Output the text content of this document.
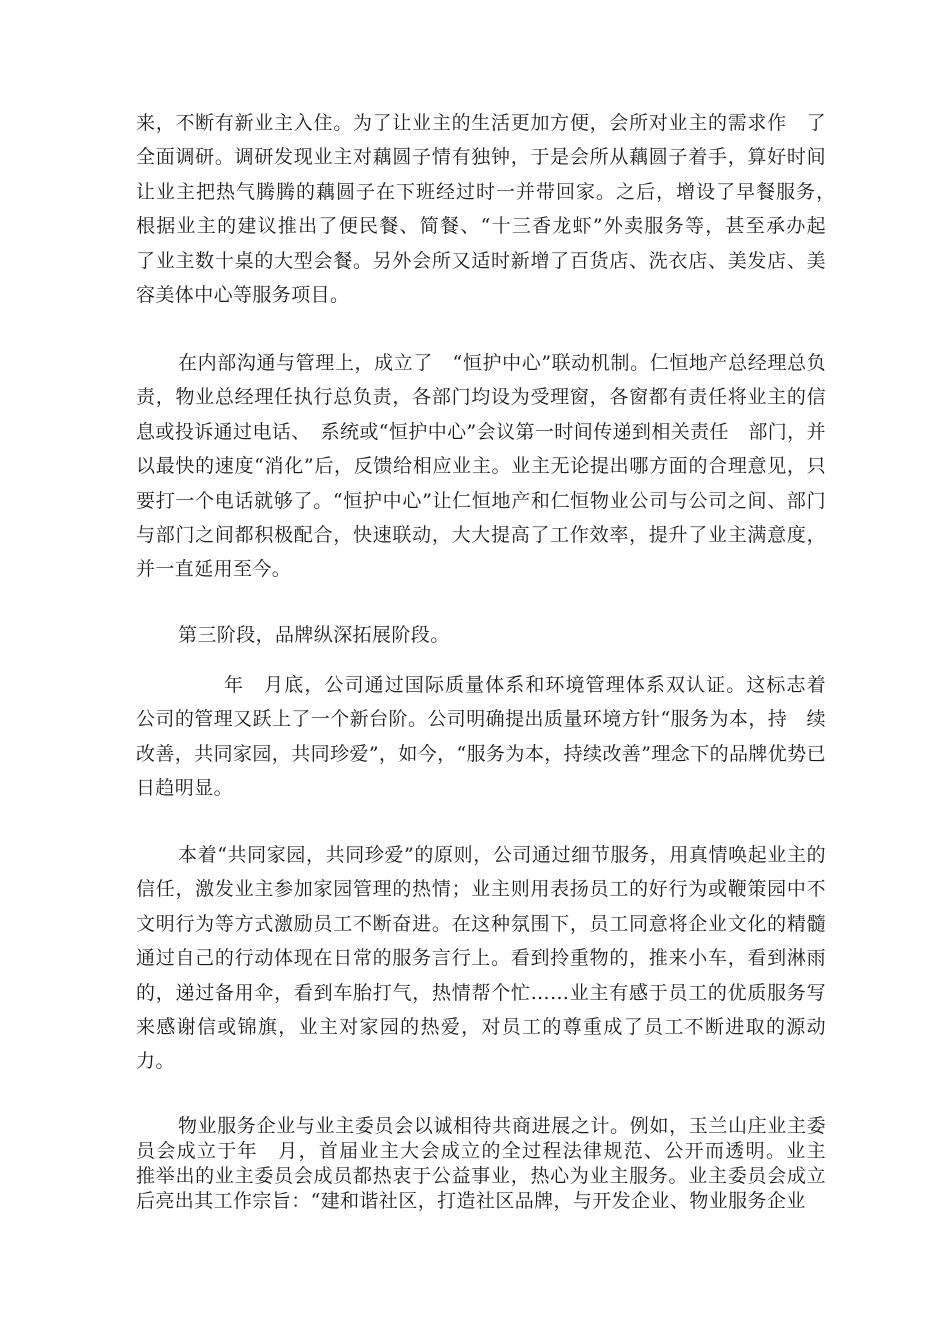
来，不断有新业主入住。为了让业主的生活更加方便，会所对业主的需求作　了全面调研。调研发现业主对藕圆子情有独钟，于是会所从藕圆子着手，算好时间让业主把热气腾腾的藕圆子在下班经过时一并带回家。之后，增设了早餐服务，　根据业主的建议推出了便民餐、简餐、“十三香龙虾”外卖服务等，甚至承办起　了业主数十桌的大型会餐。另外会所又适时新增了百货店、洗衣店、美发店、美　容美体中心等服务项目。

在内部沟通与管理上，成立了　“恒护中心”联动机制。仁恒地产总经理总负　责，物业总经理任执行总负责，各部门均设为受理窗，各窗都有责任将业主的信息或投诉通过电话、　系统或“恒护中心”会议第一时间传递到相关责任　部门，并以最快的速度“消化”后，反馈给相应业主。业主无论提出哪方面的合理意见，只要打一个电话就够了。“恒护中心”让仁恒地产和仁恒物业公司与公司之间、部门与部门之间都积极配合，快速联动，大大提高了工作效率，提升了业主满意度，并一直延用至今。

第三阶段，品牌纵深拓展阶段。

年　月底，公司通过国际质量体系和环境管理体系双认证。这标志着　公司的管理又跃上了一个新台阶。公司明确提出质量环境方针“服务为本，持　续改善，共同家园，共同珍爱”，如今，“服务为本，持续改善”理念下的品牌优势已日趋明显。

本着“共同家园，共同珍爱”的原则，公司通过细节服务，用真情唤起业主的信任，激发业主参加家园管理的热情；业主则用表扬员工的好行为或鞭策园中不文明行为等方式激励员工不断奋进。在这种氛围下，员工同意将企业文化的精髓通过自己的行动体现在日常的服务言行上。看到拎重物的，推来小车，看到淋雨的，递过备用伞，看到车胎打气，热情帮个忙……业主有感于员工的优质服务写来感谢信或锦旗，业主对家园的热爱，对员工的尊重成了员工不断进取的源动力。

物业服务企业与业主委员会以诚相待共商进展之计。例如，玉兰山庄业主委员会成立于年　月，首届业主大会成立的全过程法律规范、公开而透明。业主　推举出的业主委员会成员都热衷于公益事业，热心为业主服务。业主委员会成立后亮出其工作宗旨：“建和谐社区，打造社区品牌，与开发企业、物业服务企业
